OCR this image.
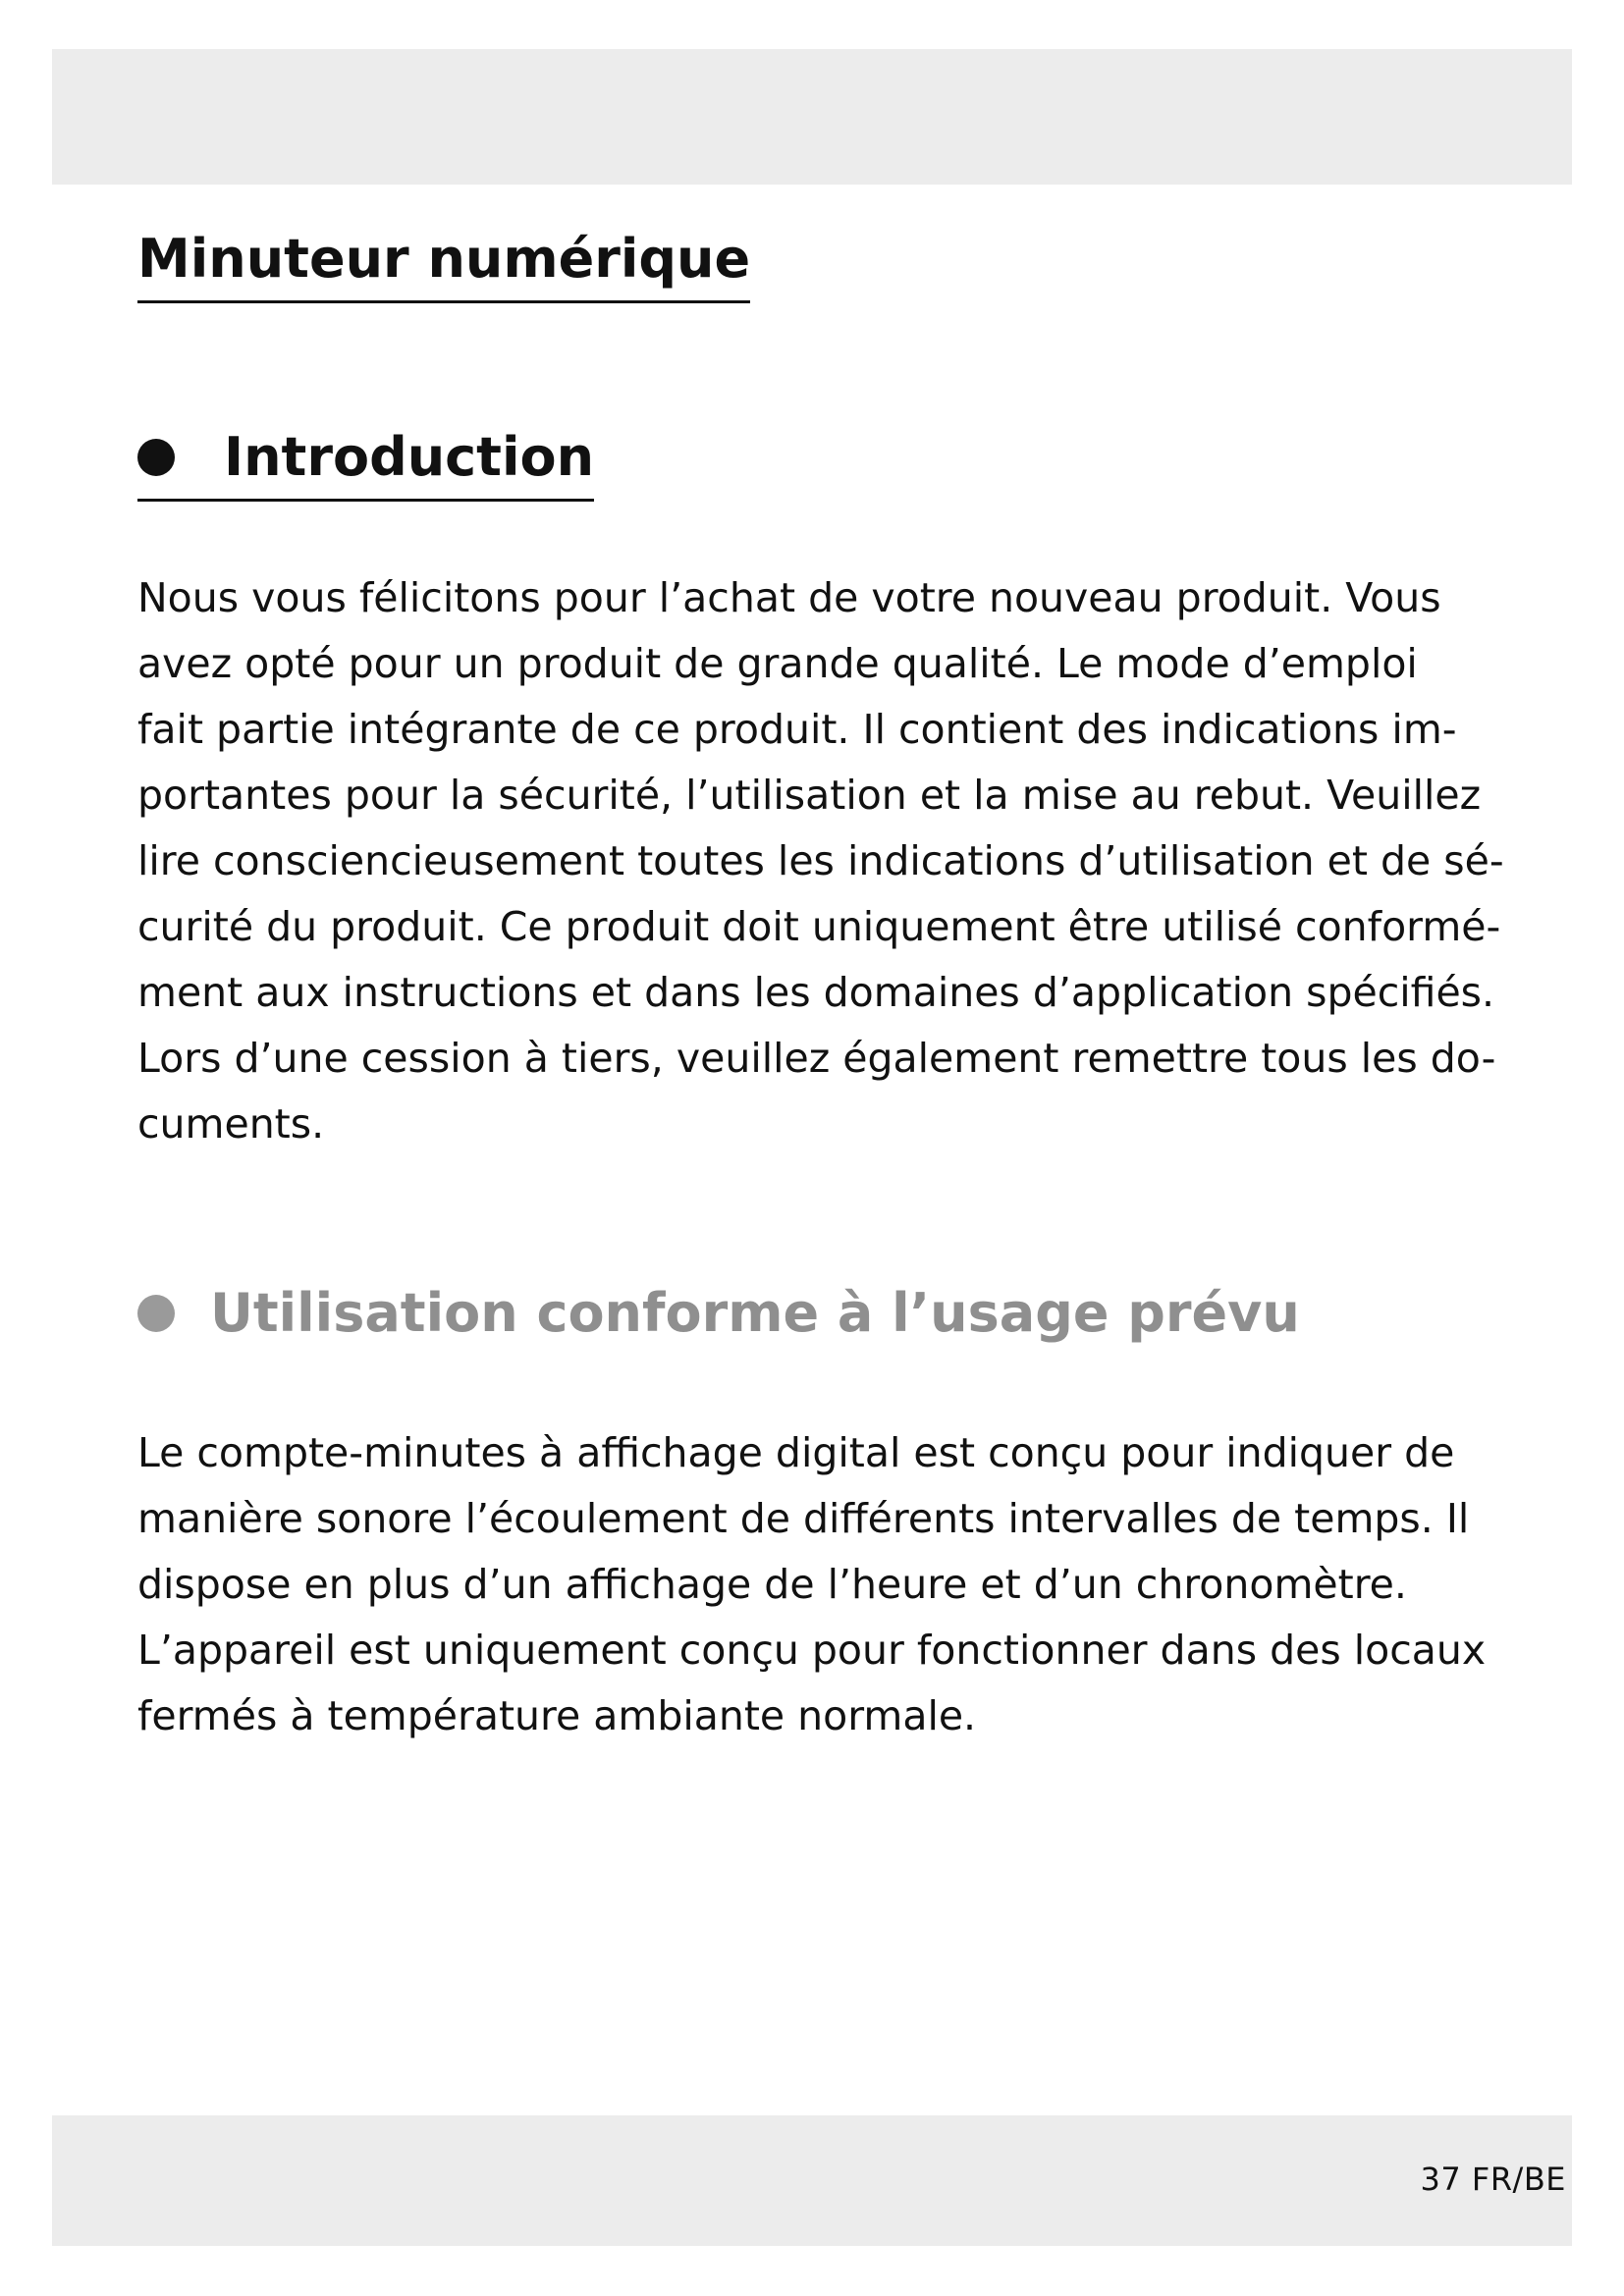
Minuteur numérique
Introduction

Nous vous félicitons pour l’achat de votre nouveau produit. Vous
avez opté pour un produit de grande qualité. Le mode d’emploi
fait partie intégrante de ce produit. Il contient des indications im-
portantes pour la sécurité, l’utilisation et la mise au rebut. Veuillez
lire consciencieusement toutes les indications d’utilisation et de sé-
curité du produit. Ce produit doit uniquement être utilisé conformé-
ment aux instructions et dans les domaines d’application spécifiés.
Lors d’une cession à tiers, veuillez également remettre tous les do-
cuments.

Utilisation conforme à l’usage prévu

Le compte-minutes à affichage digital est conçu pour indiquer de
manière sonore l’écoulement de différents intervalles de temps. Il
dispose en plus d’un affichage de l’heure et d’un chronomètre.
L’appareil est uniquement conçu pour fonctionner dans des locaux
fermés à température ambiante normale.

37 FR/BE
